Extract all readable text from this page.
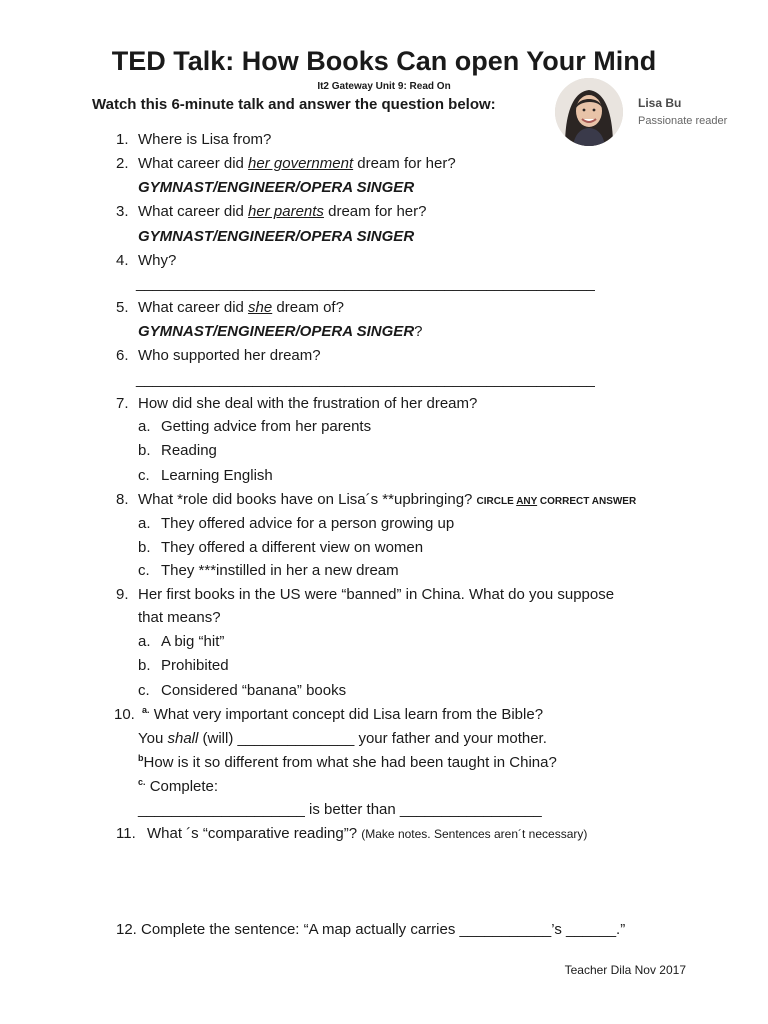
TED Talk: How Books Can open Your Mind
It2 Gateway Unit 9: Read On
Watch this 6-minute talk and answer the question below:	Lisa Bu
Passionate reader
1. Where is Lisa from?
2. What career did her government dream for her?
GYMNAST/ENGINEER/OPERA SINGER
3. What career did her parents dream for her?
GYMNAST/ENGINEER/OPERA SINGER
4. Why?
_______________________________________________________
5. What career did she dream of?
GYMNAST/ENGINEER/OPERA SINGER?
6. Who supported her dream?
_______________________________________________________
7. How did she deal with the frustration of her dream?
a. Getting advice from her parents
b. Reading
c. Learning English
8. What *role did books have on Lisa´s **upbringing? CIRCLE ANY CORRECT ANSWER
a. They offered advice for a person growing up
b. They offered a different view on women
c. They ***instilled in her a new dream
9. Her first books in the US were “banned” in China. What do you suppose
that means?
a. A big “hit”
b. Prohibited
c. Considered “banana” books
10. $^{a.}$ What very important concept did Lisa learn from the Bible?
You shall (will) ______________ your father and your mother.
$^b$How is it so different from what she had been taught in China?
$^{c.}$ Complete:
____________________ is better than _________________
11. What ´s “comparative reading”? (Make notes. Sentences aren´t necessary)
12. Complete the sentence: “A map actually carries ___________’s ______.”
Teacher Dila Nov 2017
